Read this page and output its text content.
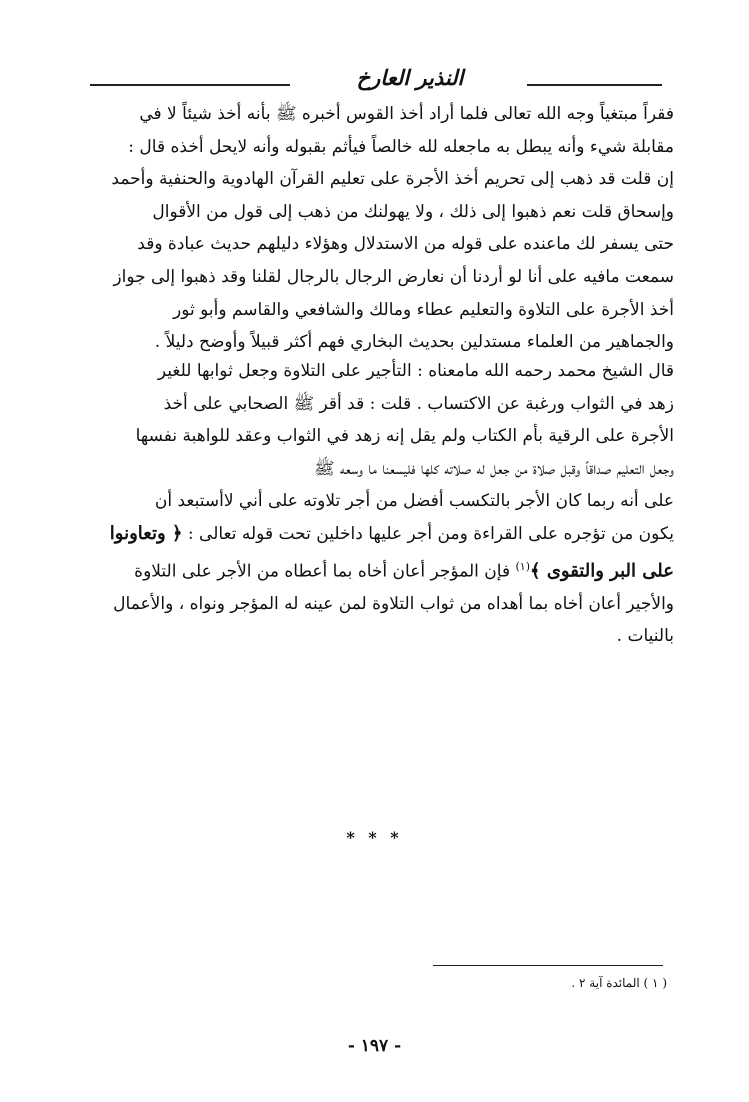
النذير العارخ
فقراً مبتغياً وجه الله تعالى فلما أراد أخذ القوس أخبره ﷺ بأنه أخذ شيئاً لا في
مقابلة شيء وأنه يبطل به ماجعله لله خالصاً فيأثم بقبوله وأنه لايحل أخذه قال :
إن قلت قد ذهب إلى تحريم أخذ الأجرة على تعليم القرآن الهادوية والحنفية وأحمد
وإسحاق قلت نعم ذهبوا إلى ذلك ، ولا يهولنك من ذهب إلى قول من الأقوال
حتى يسفر لك ماعنده على قوله من الاستدلال وهؤلاء دليلهم حديث عبادة وقد
سمعت مافيه على أنا لو أردنا أن نعارض الرجال بالرجال لقلنا وقد ذهبوا إلى جواز
أخذ الأجرة على التلاوة والتعليم عطاء ومالك والشافعي والقاسم وأبو ثور
والجماهير من العلماء مستدلين بحديث البخاري فهم أكثر قبيلاً وأوضح دليلاً .
قال الشيخ محمد رحمه الله مامعناه : التأجير على التلاوة وجعل ثوابها للغير
زهد في الثواب ورغبة عن الاكتساب . قلت : قد أقر ﷺ الصحابي على أخذ
الأجرة على الرقية بأم الكتاب ولم يقل إنه زهد في الثواب وعقد للواهبة نفسها
وجعل التعليم صداقاً وقبل صلاة من جعل له صلاته كلها فليسعنا ما وسعه ﷺ
على أنه ربما كان الأجر بالتكسب أفضل من أجر تلاوته على أني لاأستبعد أن
يكون من تؤجره على القراءة ومن أجر عليها داخلين تحت قوله تعالى : ﴿ وتعاونوا
على البر والتقوى ﴾$^{(١)}$ فإن المؤجر أعان أخاه بما أعطاه من الأجر على التلاوة
والأجير أعان أخاه بما أهداه من ثواب التلاوة لمن عينه له المؤجر ونواه ، والأعمال
بالنيات .
* * *
( ١ ) المائدة آية ٢ .
- ١٩٧ -
